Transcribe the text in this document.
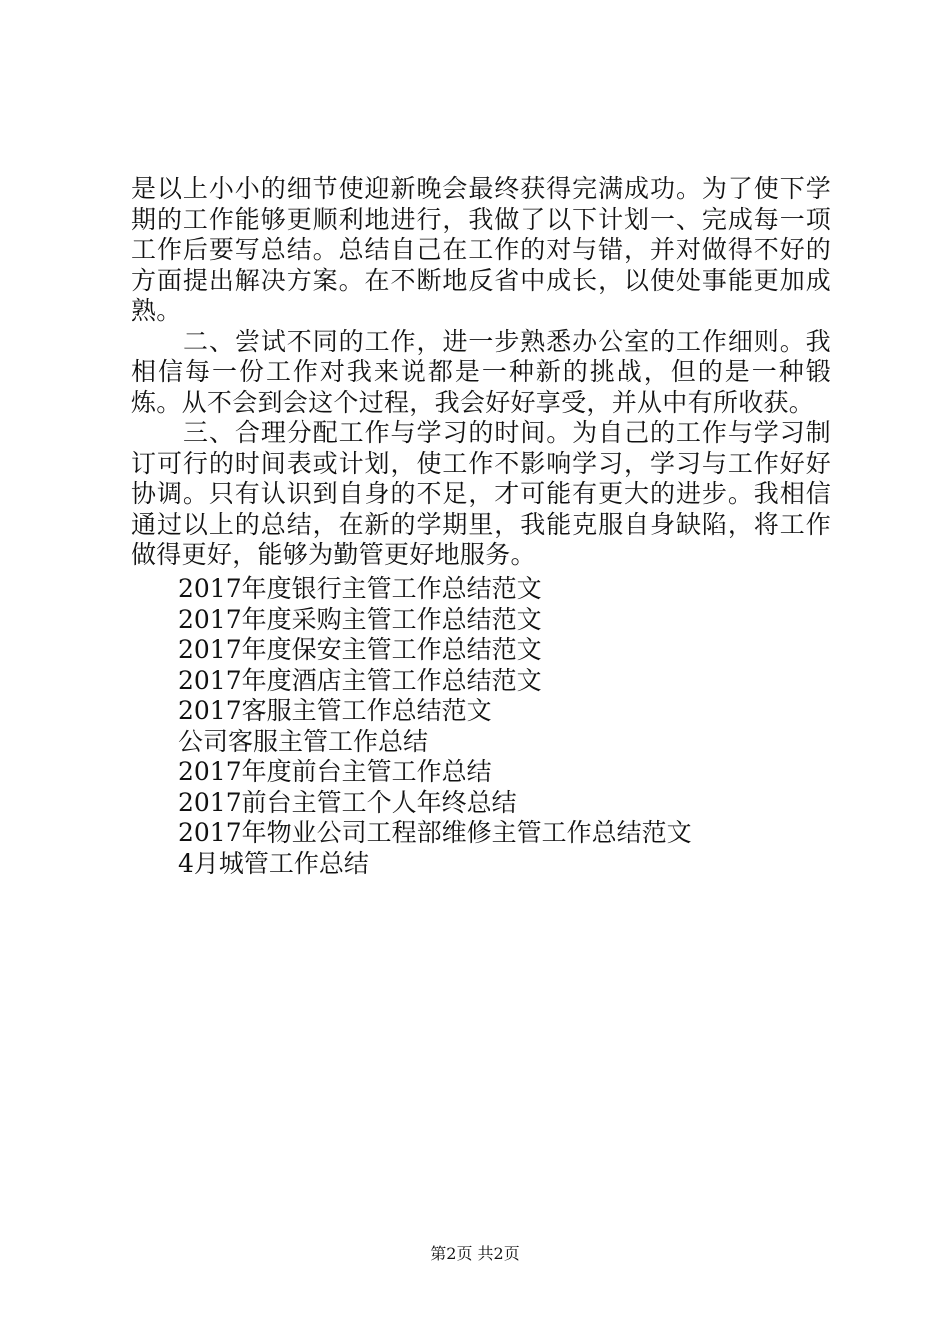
是以上小小的细节使迎新晚会最终获得完满成功。为了使下学期的工作能够更顺利地进行，我做了以下计划一、完成每一项工作后要写总结。总结自己在工作的对与错，并对做得不好的方面提出解决方案。在不断地反省中成长，以使处事能更加成熟。

二、尝试不同的工作，进一步熟悉办公室的工作细则。我相信每一份工作对我来说都是一种新的挑战，但的是一种锻炼。从不会到会这个过程，我会好好享受，并从中有所收获。

三、合理分配工作与学习的时间。为自己的工作与学习制订可行的时间表或计划，使工作不影响学习，学习与工作好好协调。只有认识到自身的不足，才可能有更大的进步。我相信通过以上的总结，在新的学期里，我能克服自身缺陷，将工作做得更好，能够为勤管更好地服务。

2017年度银行主管工作总结范文
2017年度采购主管工作总结范文
2017年度保安主管工作总结范文
2017年度酒店主管工作总结范文
2017客服主管工作总结范文
公司客服主管工作总结
2017年度前台主管工作总结
2017前台主管工个人年终总结
2017年物业公司工程部维修主管工作总结范文
4月城管工作总结
第2页 共2页
